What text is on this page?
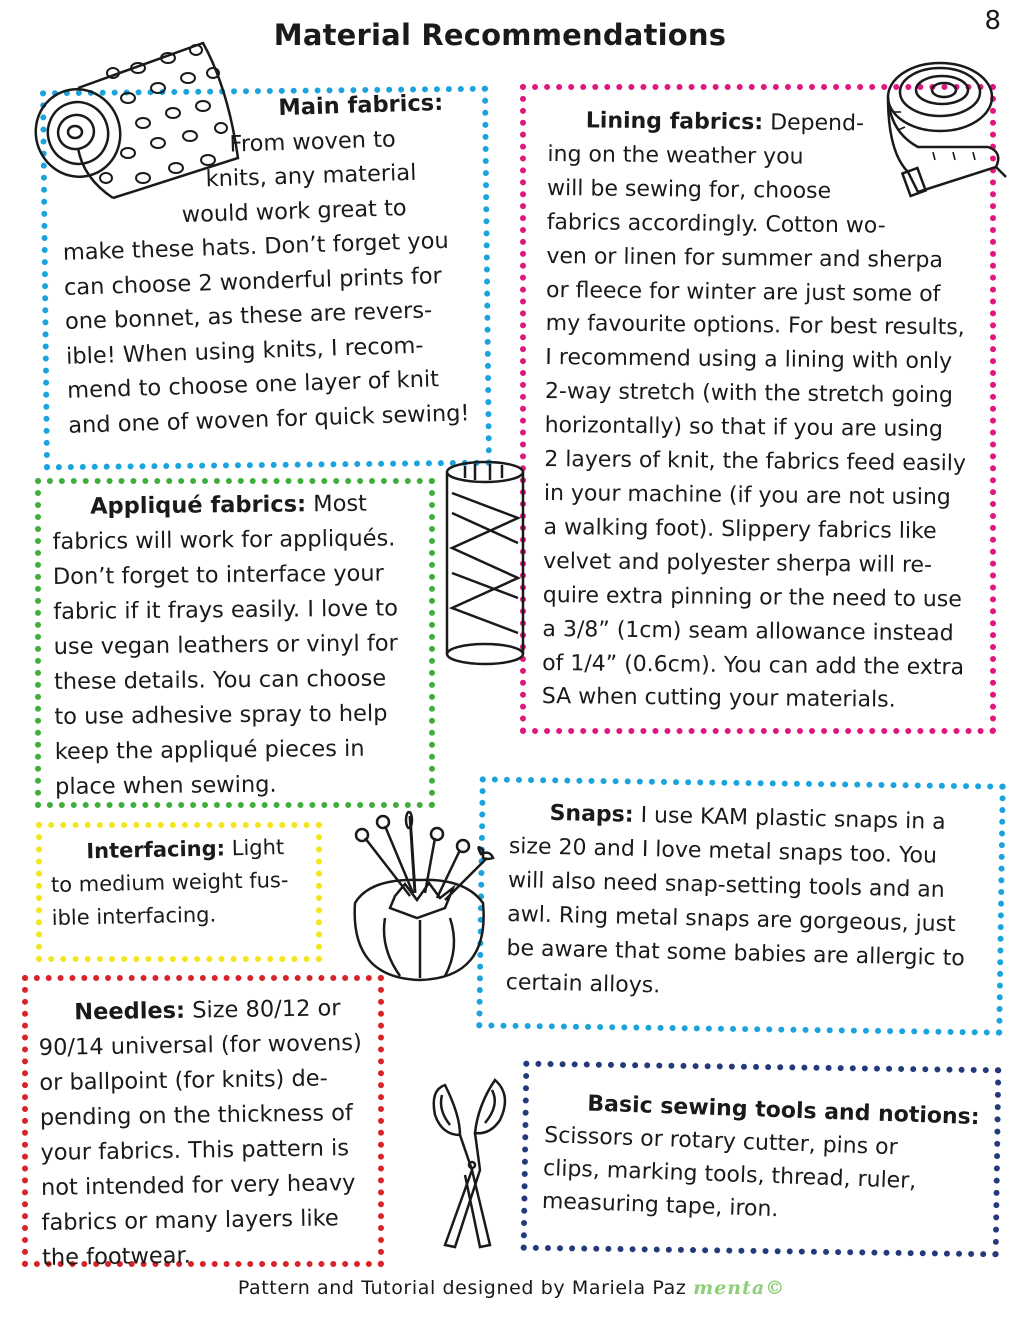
Material Recommendations	8
Main fabrics:
From woven to
knits, any material
would work great to
make these hats. Don’t forget you
can choose 2 wonderful prints for
one bonnet, as these are revers-
ible! When using knits, I recom-
mend to choose one layer of knit
and one of woven for quick sewing!
Lining fabrics: Depend-
ing on the weather you
will be sewing for, choose
fabrics accordingly. Cotton wo-
ven or linen for summer and sherpa
or fleece for winter are just some of
my favourite options. For best results,
I recommend using a lining with only
2-way stretch (with the stretch going
horizontally) so that if you are using
2 layers of knit, the fabrics feed easily
in your machine (if you are not using
a walking foot). Slippery fabrics like
velvet and polyester sherpa will re-
quire extra pinning or the need to use
a 3/8” (1cm) seam allowance instead
of 1/4” (0.6cm). You can add the extra
SA when cutting your materials.
Appliqué fabrics: Most
fabrics will work for appliqués.
Don’t forget to interface your
fabric if it frays easily. I love to
use vegan leathers or vinyl for
these details. You can choose
to use adhesive spray to help
keep the appliqué pieces in
place when sewing.
Interfacing: Light
to medium weight fus-
ible interfacing.
Needles: Size 80/12 or
90/14 universal (for wovens)
or ballpoint (for knits) de-
pending on the thickness of
your fabrics. This pattern is
not intended for very heavy
fabrics or many layers like
the footwear.
Snaps: I use KAM plastic snaps in a
size 20 and I love metal snaps too. You
will also need snap-setting tools and an
awl. Ring metal snaps are gorgeous, just
be aware that some babies are allergic to
certain alloys.
Basic sewing tools and notions:
Scissors or rotary cutter, pins or
clips, marking tools, thread, ruler,
measuring tape, iron.
Pattern and Tutorial designed by Mariela Paz menta©
